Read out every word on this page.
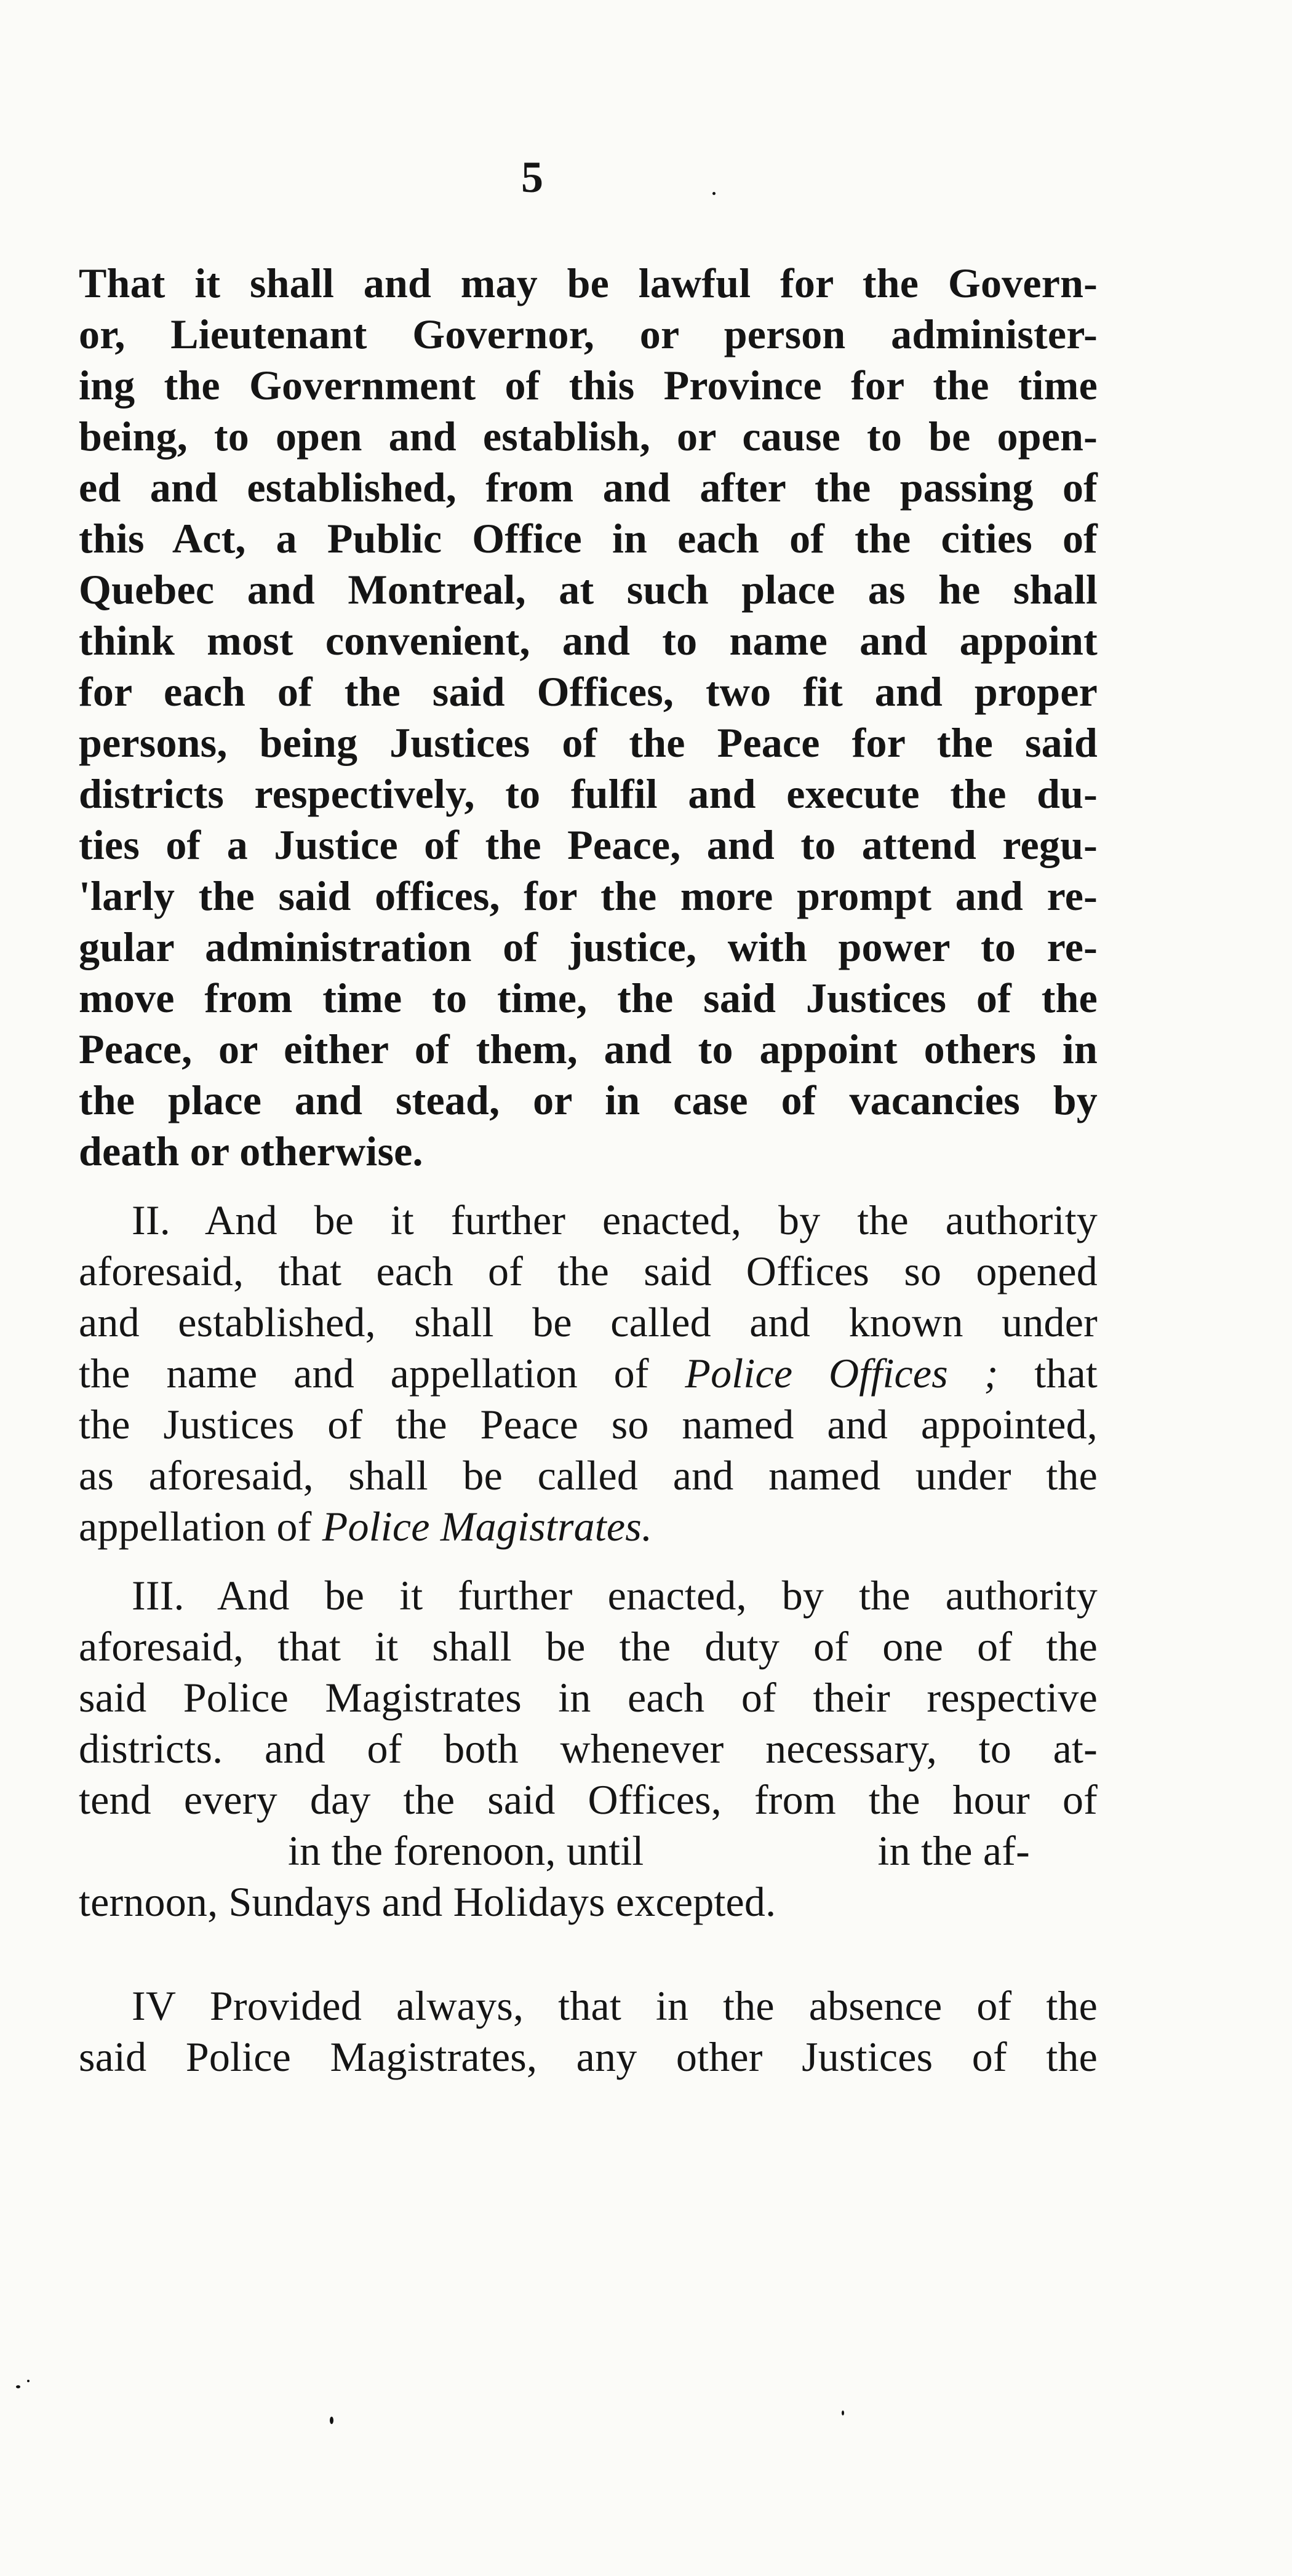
5
That it shall and may be lawful for the Govern-
or, Lieutenant Governor, or person administer-
ing the Government of this Province for the time
being, to open and establish, or cause to be open-
ed and established, from and after the passing of
this Act, a Public Office in each of the cities of
Quebec and Montreal, at such place as he shall
think most convenient, and to name and appoint
for each of the said Offices, two fit and proper
persons, being Justices of the Peace for the said
districts respectively, to fulfil and execute the du-
ties of a Justice of the Peace, and to attend regu-
'larly the said offices, for the more prompt and re-
gular administration of justice, with power to re-
move from time to time, the said Justices of the
Peace, or either of them, and to appoint others in
the place and stead, or in case of vacancies by
death or otherwise.
II. And be it further enacted, by the authority
aforesaid, that each of the said Offices so opened
and established, shall be called and known under
the name and appellation of Police Offices ; that
the Justices of the Peace so named and appointed,
as aforesaid, shall be called and named under the
appellation of Police Magistrates.
III. And be it further enacted, by the authority
aforesaid, that it shall be the duty of one of the
said Police Magistrates in each of their respective
districts. and of both whenever necessary, to at-
tend every day the said Offices, from the hour of
in the forenoon, until	in the af-
ternoon, Sundays and Holidays excepted.
IV Provided always, that in the absence of the
said Police Magistrates, any other Justices of the
